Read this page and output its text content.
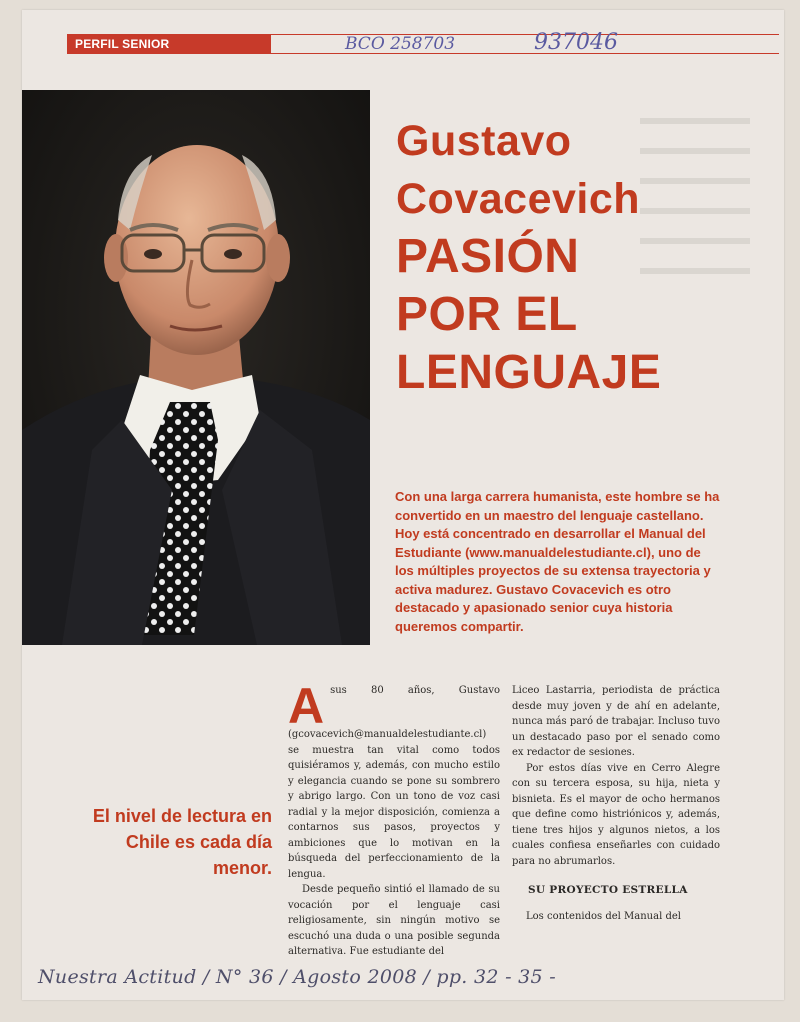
PERFIL SENIOR	BCO 258703	937046
Gustavo
Covacevich
PASIÓN
POR EL
LENGUAJE
Con una larga carrera humanista, este hombre se ha convertido en un maestro del lenguaje castellano. Hoy está concentrado en desarrollar el Manual del Estudiante (www.manualdelestudiante.cl), uno de los múltiples proyectos de su extensa trayectoria y activa madurez. Gustavo Covacevich es otro destacado y apasionado senior cuya historia queremos compartir.
El nivel de lectura en Chile es cada día menor.
A sus 80 años, Gustavo (gcovacevich@manualdelestudiante.cl) se muestra tan vital como todos quisiéramos y, además, con mucho estilo y elegancia cuando se pone su sombrero y abrigo largo. Con un tono de voz casi radial y la mejor disposición, comienza a contarnos sus pasos, proyectos y ambiciones que lo motivan en la búsqueda del perfeccionamiento de la lengua.
Desde pequeño sintió el llamado de su vocación por el lenguaje casi religiosamente, sin ningún motivo se escuchó una duda o una posible segunda alternativa. Fue estudiante del
Liceo Lastarria, periodista de práctica desde muy joven y de ahí en adelante, nunca más paró de trabajar. Incluso tuvo un destacado paso por el senado como ex redactor de sesiones.
Por estos días vive en Cerro Alegre con su tercera esposa, su hija, nieta y bisnieta. Es el mayor de ocho hermanos que define como histriónicos y, además, tiene tres hijos y algunos nietos, a los cuales confiesa enseñarles con cuidado para no abrumarlos.
SU PROYECTO ESTRELLA
Los contenidos del Manual del
Nuestra Actitud / N° 36 / Agosto 2008 / pp. 32 - 35 -
